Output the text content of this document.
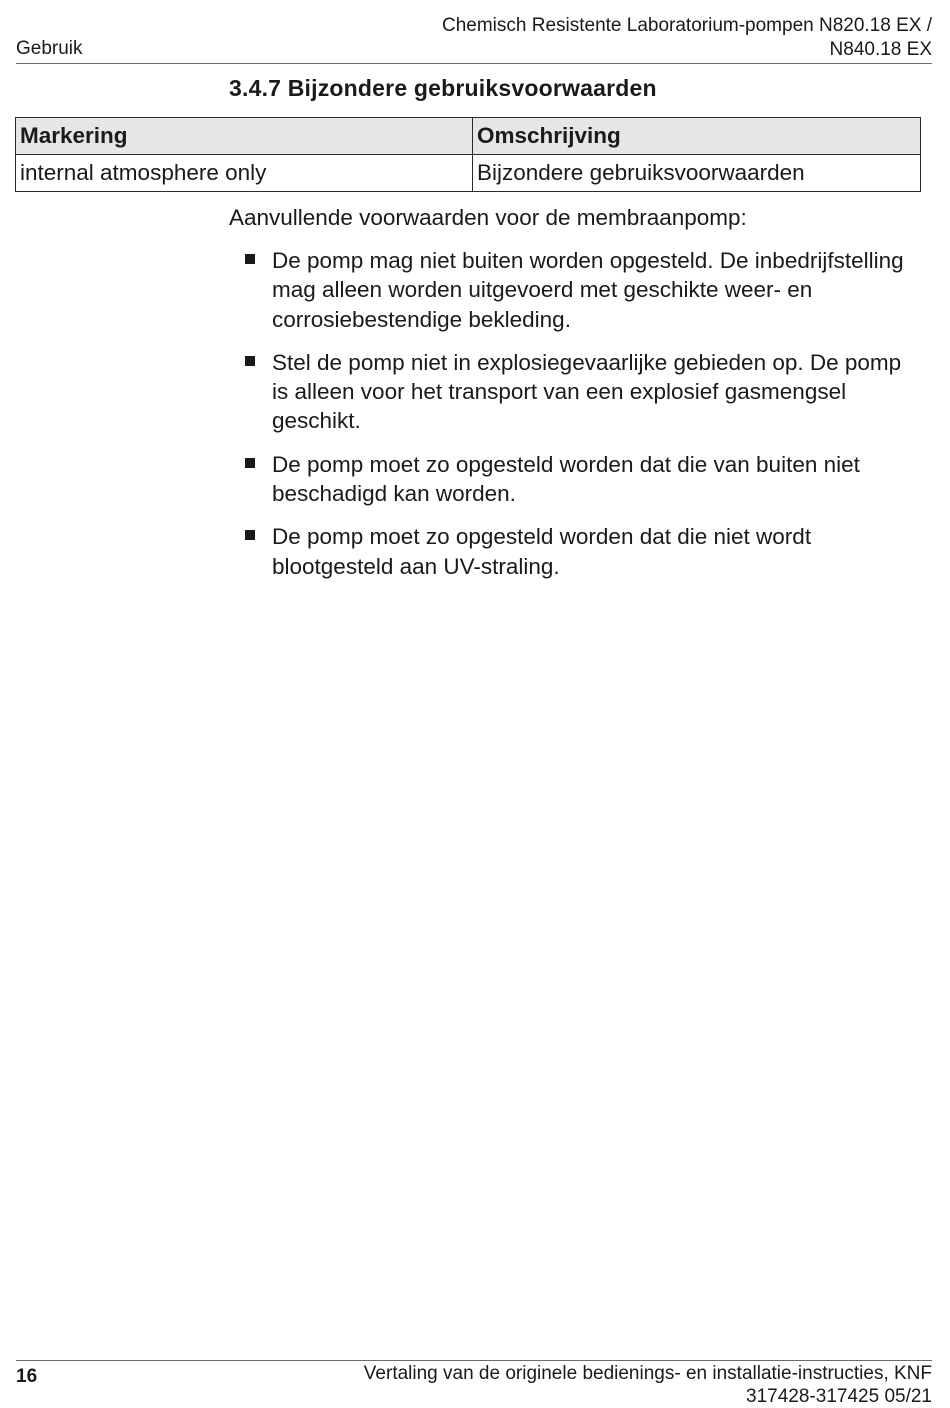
Gebruik
Chemisch Resistente Laboratorium-pompen N820.18 EX /
N840.18 EX
3.4.7 Bijzondere gebruiksvoorwaarden
Markering	Omschrijving
internal atmosphere only	Bijzondere gebruiksvoorwaarden

Aanvullende voorwaarden voor de membraanpomp:

De pomp mag niet buiten worden opgesteld. De inbedrijfstelling mag alleen worden uitgevoerd met geschikte weer- en corrosiebestendige bekleding.
Stel de pomp niet in explosiegevaarlijke gebieden op. De pomp is alleen voor het transport van een explosief gasmengsel geschikt.
De pomp moet zo opgesteld worden dat die van buiten niet beschadigd kan worden.
De pomp moet zo opgesteld worden dat die niet wordt blootgesteld aan UV-straling.
16	Vertaling van de originele bedienings- en installatie-instructies, KNF
317428-317425 05/21
